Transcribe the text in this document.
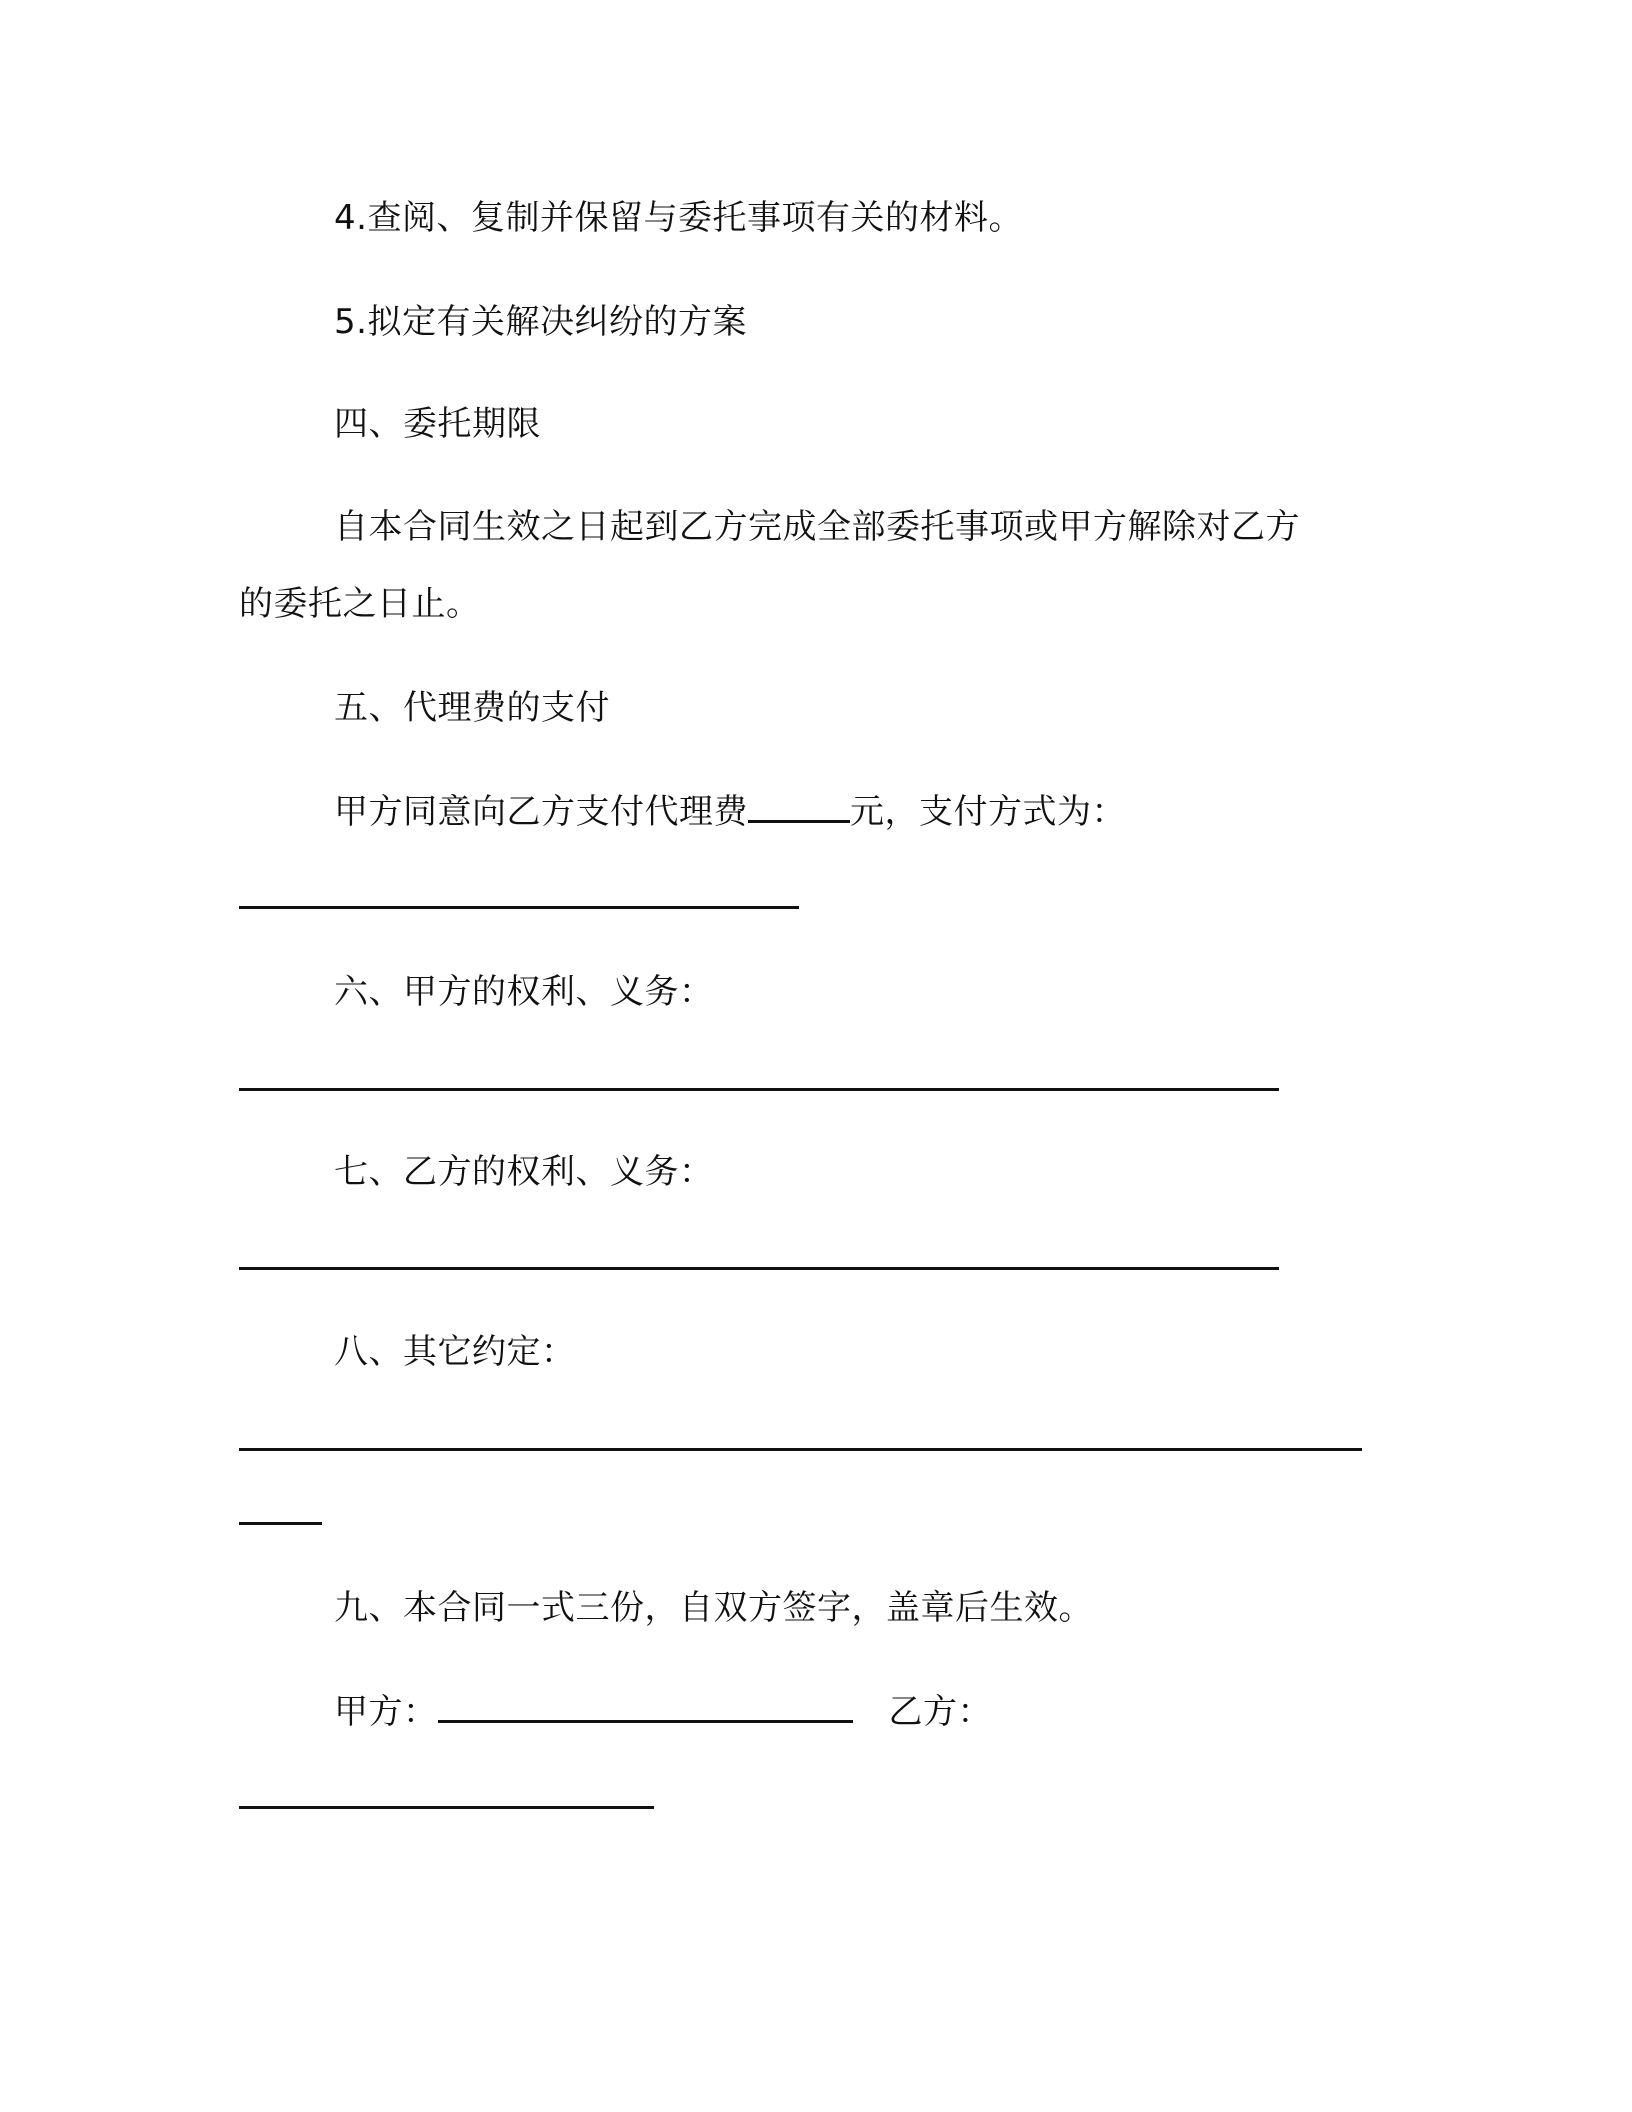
4.查阅、复制并保留与委托事项有关的材料。
5.拟定有关解决纠纷的方案
四、委托期限
自本合同生效之日起到乙方完成全部委托事项或甲方解除对乙方
的委托之日止。
五、代理费的支付
甲方同意向乙方支付代理费	元，支付方式为：
六、甲方的权利、义务：
七、乙方的权利、义务：
八、其它约定：
九、本合同一式三份，自双方签字，盖章后生效。
甲方：	乙方：
